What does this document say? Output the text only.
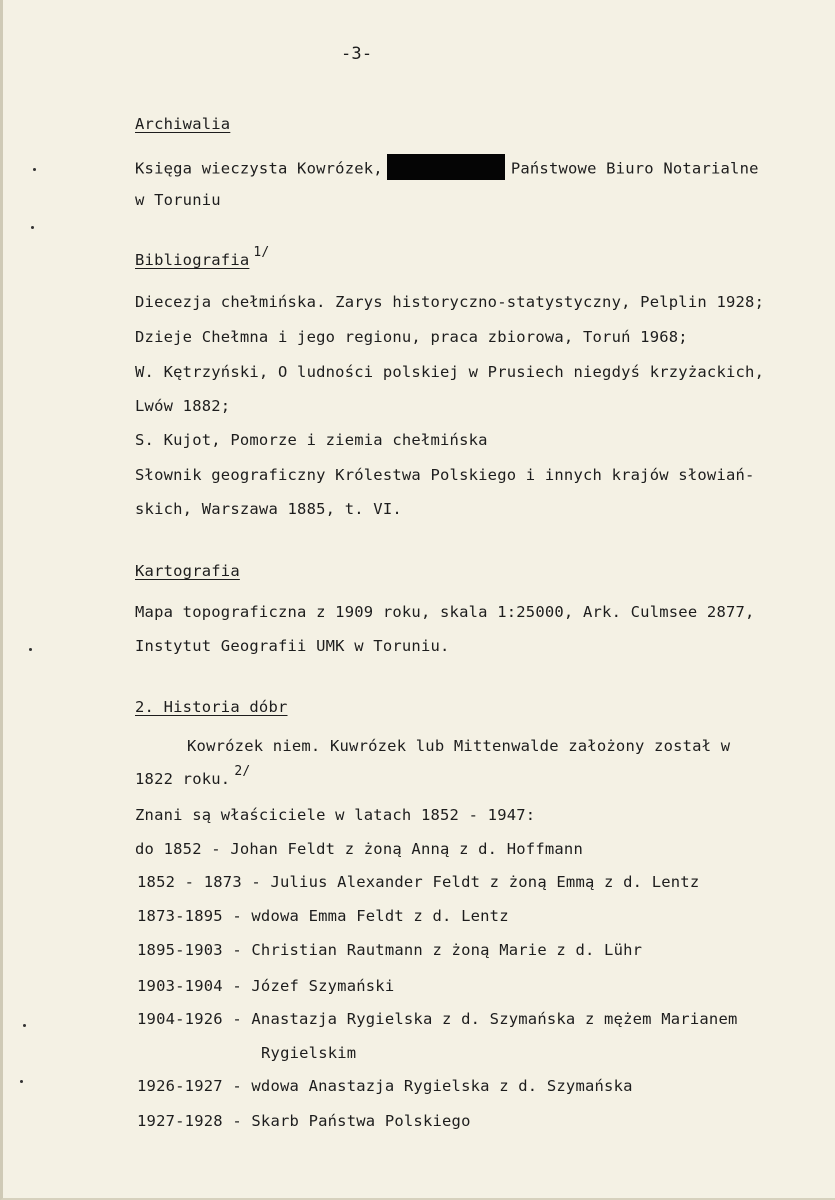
-3-
Archiwalia
Księga wieczysta Kowrózek,	Państwowe Biuro Notarialne
w Toruniu
Bibliografia $^{1/}$
Diecezja chełmińska. Zarys historyczno-statystyczny, Pelplin 1928;
Dzieje Chełmna i jego regionu, praca zbiorowa, Toruń 1968;
W. Kętrzyński, O ludności polskiej w Prusiech niegdyś krzyżackich,
Lwów 1882;
S. Kujot, Pomorze i ziemia chełmińska
Słownik geograficzny Królestwa Polskiego i innych krajów słowiań-
skich, Warszawa 1885, t. VI.
Kartografia
Mapa topograficzna z 1909 roku, skala 1:25000, Ark. Culmsee 2877,
Instytut Geografii UMK w Toruniu.
2. Historia dóbr
Kowrózek niem. Kuwrózek lub Mittenwalde założony został w
1822 roku. $^{2/}$
Znani są właściciele w latach 1852 - 1947:
do 1852 - Johan Feldt z żoną Anną z d. Hoffmann
1852 - 1873 - Julius Alexander Feldt z żoną Emmą z d. Lentz
1873-1895 - wdowa Emma Feldt z d. Lentz
1895-1903 - Christian Rautmann z żoną Marie z d. Lühr
1903-1904 - Józef Szymański
1904-1926 - Anastazja Rygielska z d. Szymańska z mężem Marianem
Rygielskim
1926-1927 - wdowa Anastazja Rygielska z d. Szymańska
1927-1928 - Skarb Państwa Polskiego
